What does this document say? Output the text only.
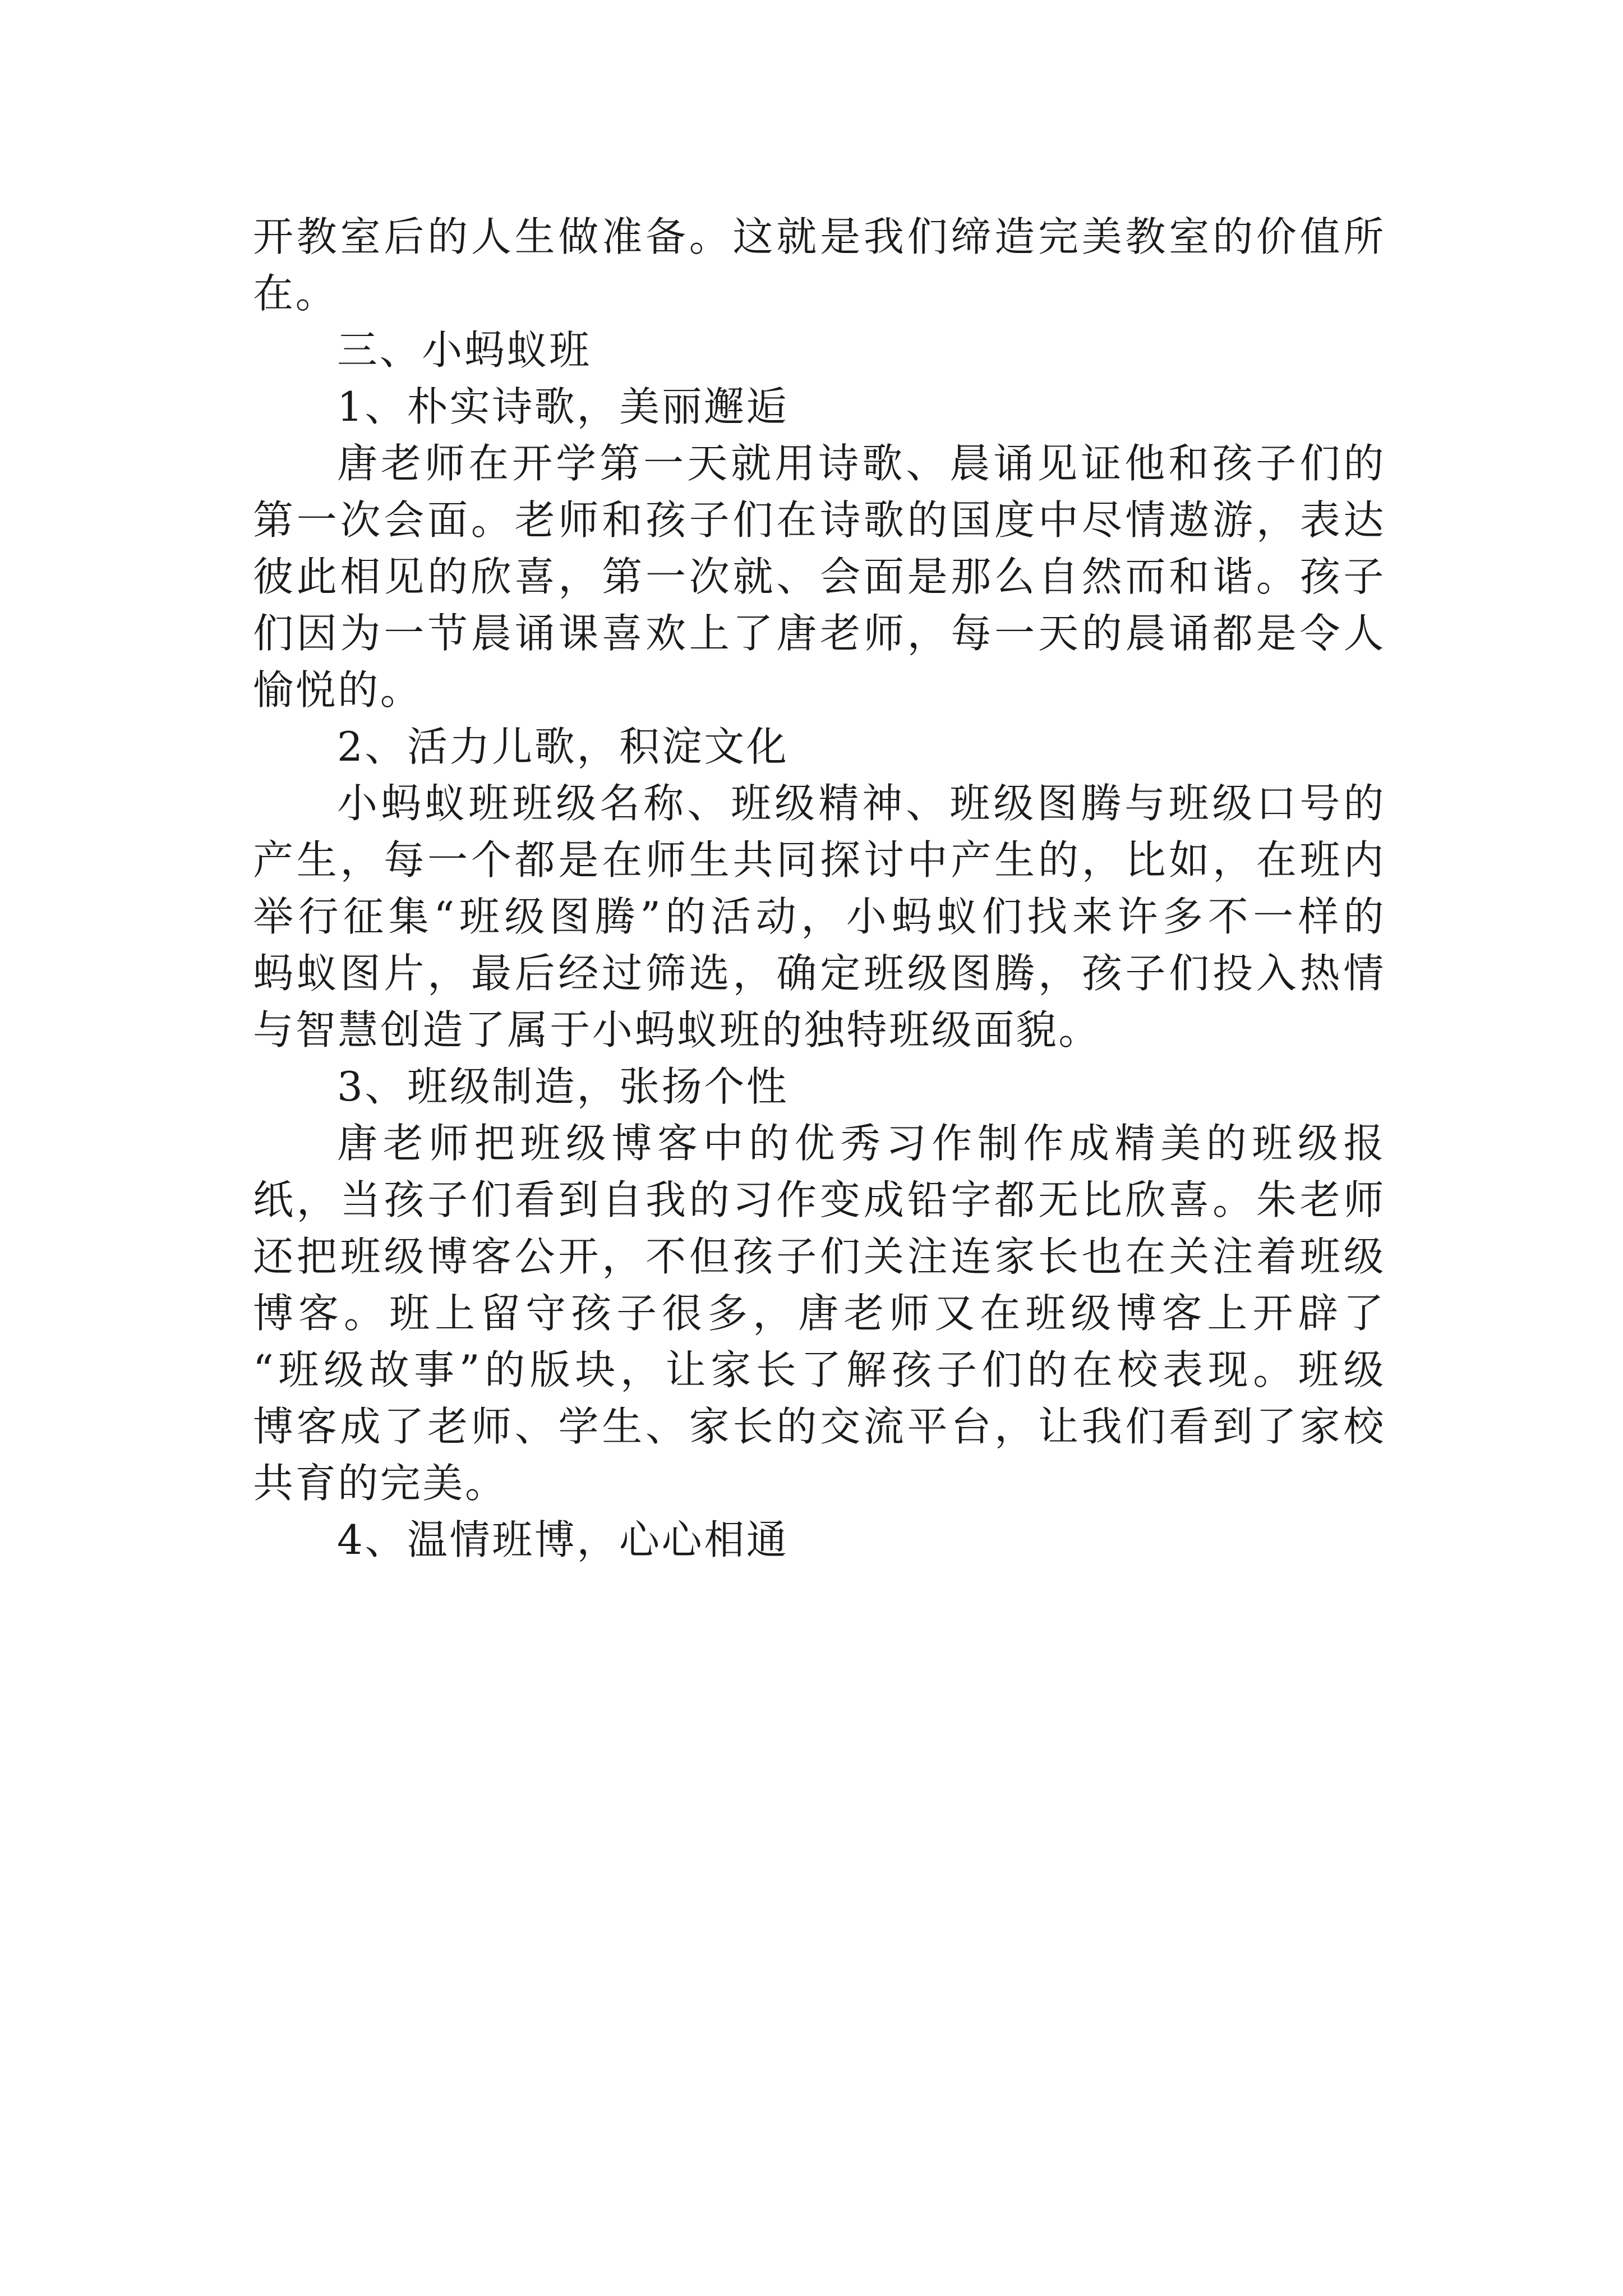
开教室后的人生做准备。这就是我们缔造完美教室的价值所
在。
三、小蚂蚁班
1、朴实诗歌，美丽邂逅
唐老师在开学第一天就用诗歌、晨诵见证他和孩子们的
第一次会面。老师和孩子们在诗歌的国度中尽情遨游，表达
彼此相见的欣喜，第一次就、会面是那么自然而和谐。孩子
们因为一节晨诵课喜欢上了唐老师，每一天的晨诵都是令人
愉悦的。
2、活力儿歌，积淀文化
小蚂蚁班班级名称、班级精神、班级图腾与班级口号的
产生，每一个都是在师生共同探讨中产生的，比如，在班内
举行征集“班级图腾”的活动，小蚂蚁们找来许多不一样的
蚂蚁图片，最后经过筛选，确定班级图腾，孩子们投入热情
与智慧创造了属于小蚂蚁班的独特班级面貌。
3、班级制造，张扬个性
唐老师把班级博客中的优秀习作制作成精美的班级报
纸，当孩子们看到自我的习作变成铅字都无比欣喜。朱老师
还把班级博客公开，不但孩子们关注连家长也在关注着班级
博客。班上留守孩子很多，唐老师又在班级博客上开辟了
“班级故事”的版块，让家长了解孩子们的在校表现。班级
博客成了老师、学生、家长的交流平台，让我们看到了家校
共育的完美。
4、温情班博，心心相通
